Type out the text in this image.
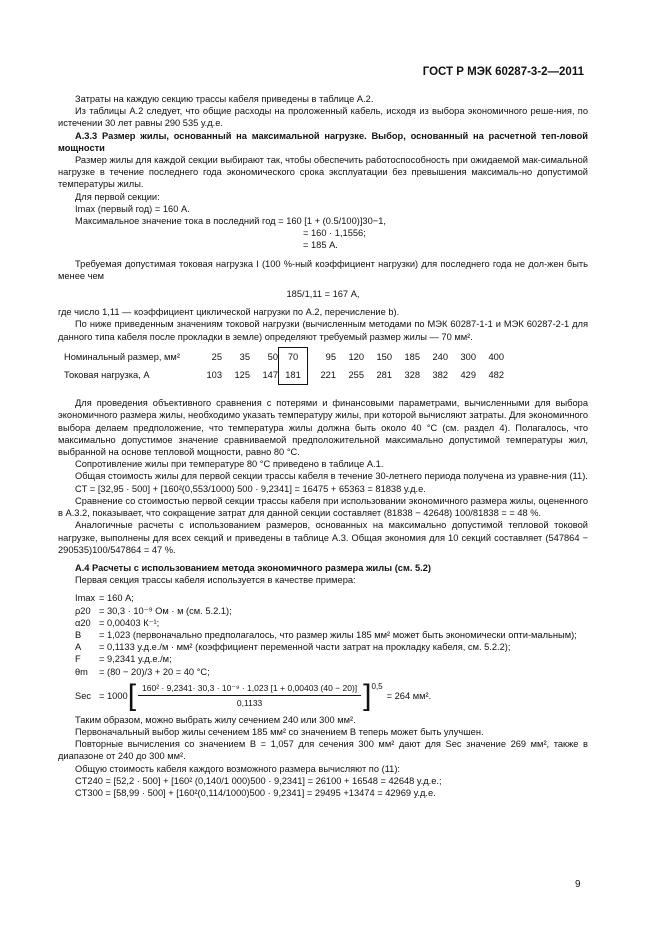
ГОСТ Р МЭК 60287-3-2—2011

Затраты на каждую секцию трассы кабеля приведены в таблице А.2.

Из таблицы А.2 следует, что общие расходы на проложенный кабель, исходя из выбора экономичного реше-ния, по истечении 30 лет равны 290 535 у.д.е.

А.3.3 Размер жилы, основанный на максимальной нагрузке. Выбор, основанный на расчетной теп-ловой мощности

Размер жилы для каждой секции выбирают так, чтобы обеспечить работоспособность при ожидаемой мак-симальной нагрузке в течение последнего года экономического срока эксплуатации без превышения максималь-но допустимой температуры жилы.

Для первой секции:

Imax (первый год) = 160 А.

Максимальное значение тока в последний год = 160 [1 + (0.5/100)]30−1,

= 160 · 1,1556;

= 185 А.

Требуемая допустимая токовая нагрузка I (100 %-ный коэффициент нагрузки) для последнего года не дол-жен быть менее чем

185/1,11 = 167 А,

где число 1,11 — коэффициент циклической нагрузки по А.2, перечисление b).

По ниже приведенным значениям токовой нагрузки (вычисленным методами по МЭК 60287-1-1 и МЭК 60287-2-1 для данного типа кабеля после прокладки в земле) определяют требуемый размер жилы — 70 мм².

Номинальный размер, мм²	25	35	50	70	95	120	150	185	240	300	400
Токовая нагрузка, А	103	125	147	181	221	255	281	328	382	429	482

Для проведения объективного сравнения с потерями и финансовыми параметрами, вычисленными для выбора экономичного размера жилы, необходимо указать температуру жилы, при которой вычисляют затраты. Для экономичного выбора делаем предположение, что температура жилы должна быть около 40 °С (см. раздел 4). Полагалось, что максимально допустимое значение сравниваемой предположительной максимально допустимой температуры жил, выбранной на основе тепловой мощности, равно 80 °С.

Сопротивление жилы при температуре 80 °С приведено в таблице А.1.

Общая стоимость жилы для первой секции трассы кабеля в течение 30-летнего периода получена из уравне-ния (11).

CT = [32,95 · 500] + [160²(0,553/1000) 500 · 9,2341] = 16475 + 65363 = 81838 у.д.е.

Сравнение со стоимостью первой секции трассы кабеля при использовании экономичного размера жилы, оцененного в А.3.2, показывает, что сокращение затрат для данной секции составляет (81838 − 42648) 100/81838 = = 48 %.

Аналогичные расчеты с использованием размеров, основанных на максимально допустимой тепловой токовой нагрузке, выполнены для всех секций и приведены в таблице А.3. Общая экономия для 10 секций составляет (547864 − 290535)100/547864 = 47 %.

А.4 Расчеты с использованием метода экономичного размера жилы (см. 5.2)

Первая секция трассы кабеля используется в качестве примера:

Imax = 160 А;
ρ20 = 30,3 · 10⁻⁹ Ом · м (см. 5.2.1);
α20 = 0,00403 К⁻¹;
B	= 1,023 (первоначально предполагалось, что размер жилы 185 мм² может быть экономически опти-мальным);
A	= 0,1133 у.д.е./м · мм² (коэффициент переменной части затрат на прокладку кабеля, см. 5.2.2);
F	= 9,2341 у.д.е./м;
θm	= (80 − 20)/3 + 20 = 40 °С;
Sec = 1000 [ $\frac{\text{160² · 9,2341· 30,3 · 10⁻⁹ · 1,023 [1 + 0,00403 (40 − 20)]}}{0,1133}$ ] 0,5
= 264 мм².

Таким образом, можно выбрать жилу сечением 240 или 300 мм².

Первоначальный выбор жилы сечением 185 мм² со значением B теперь может быть улучшен.

Повторные вычисления со значением B = 1,057 для сечения 300 мм² дают для Sec значение 269 мм², также в диапазоне от 240 до 300 мм².

Общую стоимость кабеля каждого возможного размера вычисляют по (11):

CT240 = [52,2 · 500] + [160² (0,140/1 000)500 · 9,2341] = 26100 + 16548 = 42648 у.д.е.;

CT300 = [58,99 · 500] + [160²(0,114/1000)500 · 9,2341] = 29495 +13474 = 42969 у.д.е.

9
